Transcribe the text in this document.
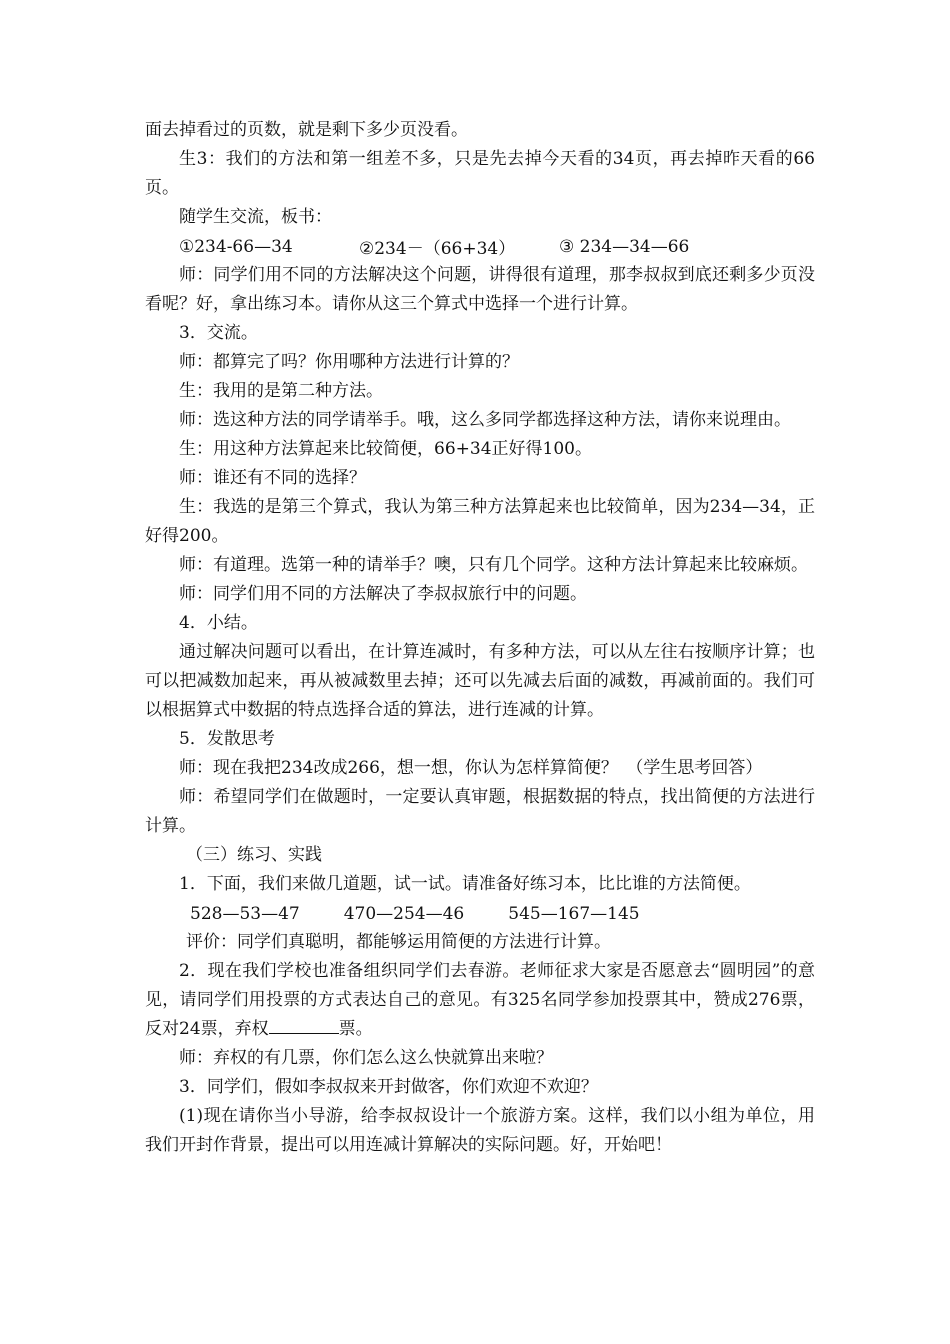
面去掉看过的页数，就是剩下多少页没看。

生3：我们的方法和第一组差不多，只是先去掉今天看的34页，再去掉昨天看的66页。

随学生交流，板书：

①234-66—34	②234－（66+34）	③ 234—34—66

师：同学们用不同的方法解决这个问题，讲得很有道理，那李叔叔到底还剩多少页没看呢？好，拿出练习本。请你从这三个算式中选择一个进行计算。

3．交流。

师：都算完了吗？你用哪种方法进行计算的？

生：我用的是第二种方法。

师：选这种方法的同学请举手。哦，这么多同学都选择这种方法，请你来说理由。

生：用这种方法算起来比较简便，66+34正好得100。

师：谁还有不同的选择？

生：我选的是第三个算式，我认为第三种方法算起来也比较简单，因为234—34，正好得200。

师：有道理。选第一种的请举手？噢，只有几个同学。这种方法计算起来比较麻烦。

师：同学们用不同的方法解决了李叔叔旅行中的问题。

4．小结。

通过解决问题可以看出，在计算连减时，有多种方法，可以从左往右按顺序计算；也可以把减数加起来，再从被减数里去掉；还可以先减去后面的减数，再减前面的。我们可以根据算式中数据的特点选择合适的算法，进行连减的计算。

5．发散思考

师：现在我把234改成266，想一想，你认为怎样算简便？　（学生思考回答）

师：希望同学们在做题时，一定要认真审题，根据数据的特点，找出简便的方法进行计算。

（三）练习、实践

1．下面，我们来做几道题，试一试。请准备好练习本，比比谁的方法简便。

528—53—47	470—254—46	545—167—145

评价：同学们真聪明，都能够运用简便的方法进行计算。

2．现在我们学校也准备组织同学们去春游。老师征求大家是否愿意去“圆明园”的意见，请同学们用投票的方式表达自己的意见。有325名同学参加投票其中，赞成276票，反对24票，弃权	票。

师：弃权的有几票，你们怎么这么快就算出来啦？

3．同学们，假如李叔叔来开封做客，你们欢迎不欢迎？

(1)现在请你当小导游，给李叔叔设计一个旅游方案。这样，我们以小组为单位，用我们开封作背景，提出可以用连减计算解决的实际问题。好，开始吧！
